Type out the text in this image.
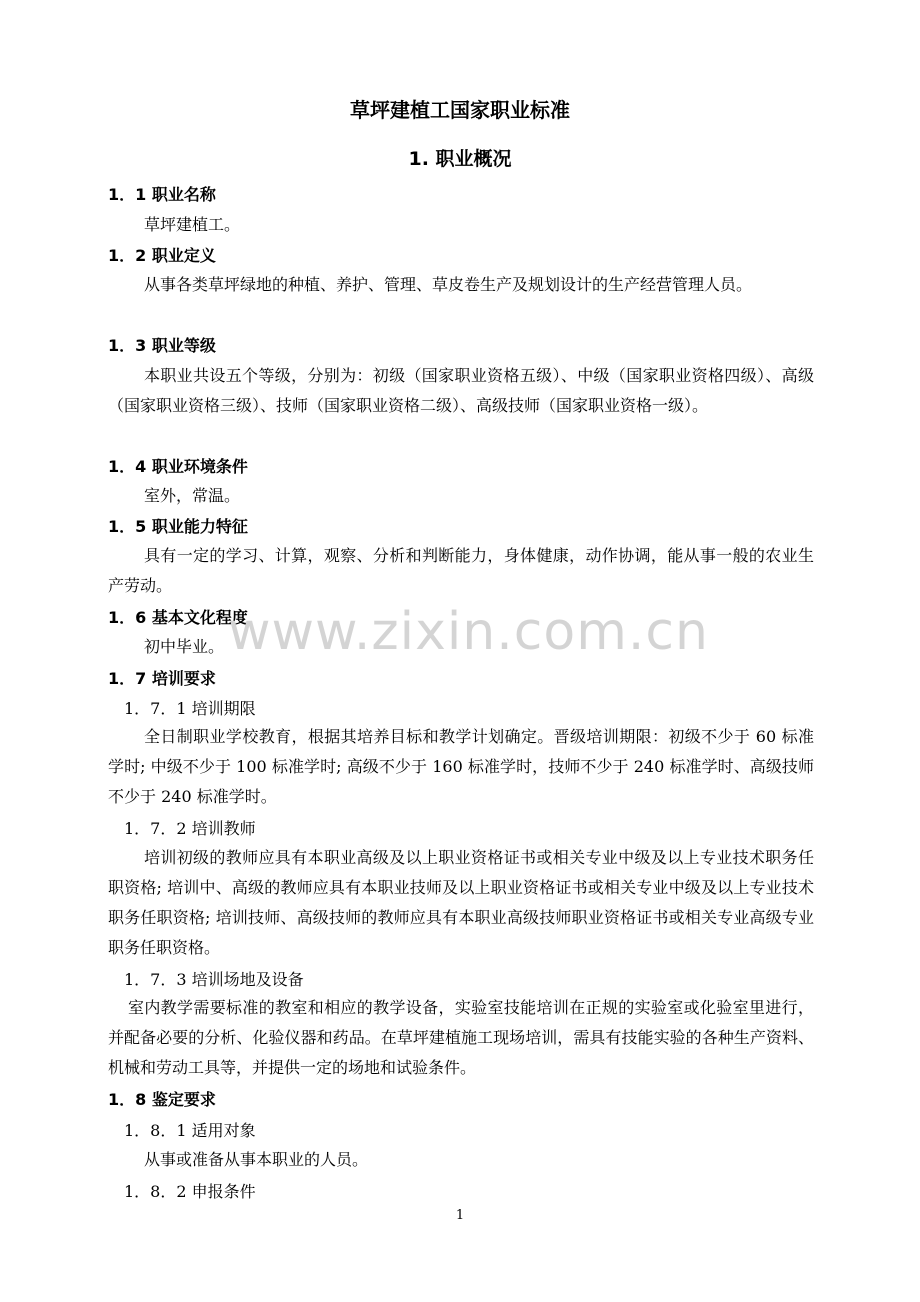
草坪建植工国家职业标准
1. 职业概况
1．1 职业名称
草坪建植工。
1．2 职业定义
从事各类草坪绿地的种植、养护、管理、草皮卷生产及规划设计的生产经营管理人员。
1．3 职业等级
本职业共设五个等级，分别为：初级（国家职业资格五级）、中级（国家职业资格四级）、高级（国家职业资格三级）、技师（国家职业资格二级）、高级技师（国家职业资格一级）。
1．4 职业环境条件
室外，常温。
1．5 职业能力特征
具有一定的学习、计算，观察、分析和判断能力，身体健康，动作协调，能从事一般的农业生产劳动。
1．6 基本文化程度
初中毕业。
1．7 培训要求
1．7．1 培训期限
全日制职业学校教育，根据其培养目标和教学计划确定。晋级培训期限：初级不少于 60 标准学时; 中级不少于 100 标准学时; 高级不少于 160 标准学时，技师不少于 240 标准学时、高级技师不少于 240 标准学时。
1．7．2 培训教师
培训初级的教师应具有本职业高级及以上职业资格证书或相关专业中级及以上专业技术职务任职资格; 培训中、高级的教师应具有本职业技师及以上职业资格证书或相关专业中级及以上专业技术职务任职资格; 培训技师、高级技师的教师应具有本职业高级技师职业资格证书或相关专业高级专业职务任职资格。
1．7．3 培训场地及设备
室内教学需要标准的教室和相应的教学设备，实验室技能培训在正规的实验室或化验室里进行，并配备必要的分析、化验仪器和药品。在草坪建植施工现场培训，需具有技能实验的各种生产资料、机械和劳动工具等，并提供一定的场地和试验条件。
1．8 鉴定要求
1．8．1 适用对象
从事或准备从事本职业的人员。
1．8．2 申报条件
www.zixin.com.cn
1
